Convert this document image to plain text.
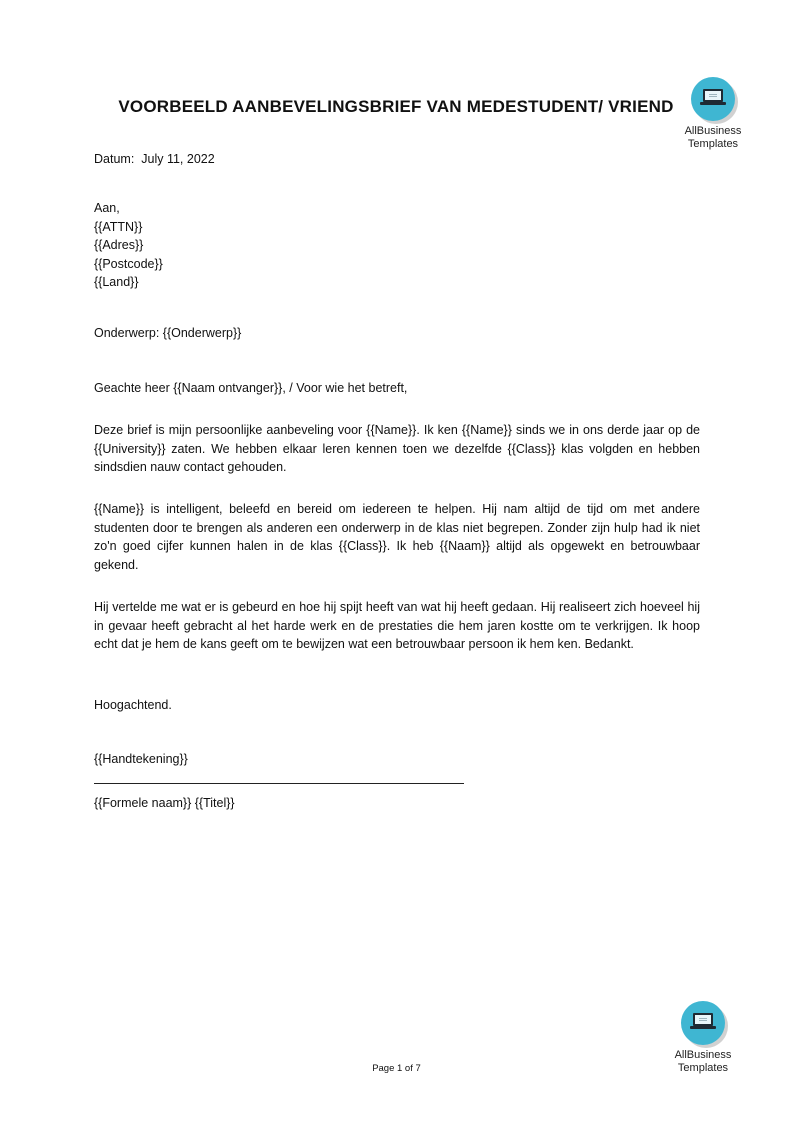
VOORBEELD AANBEVELINGSBRIEF VAN MEDESTUDENT/ VRIEND
AllBusiness
Templates
Datum: July 11, 2022
Aan,
{{ATTN}}
{{Adres}}
{{Postcode}}
{{Land}}
Onderwerp: {{Onderwerp}}
Geachte heer {{Naam ontvanger}}, / Voor wie het betreft,
Deze brief is mijn persoonlijke aanbeveling voor {{Name}}. Ik ken {{Name}} sinds we in ons derde jaar op de {{University}} zaten. We hebben elkaar leren kennen toen we dezelfde {{Class}} klas volgden en hebben sindsdien nauw contact gehouden.
{{Name}} is intelligent, beleefd en bereid om iedereen te helpen. Hij nam altijd de tijd om met andere studenten door te brengen als anderen een onderwerp in de klas niet begrepen. Zonder zijn hulp had ik niet zo'n goed cijfer kunnen halen in de klas {{Class}}. Ik heb {{Naam}} altijd als opgewekt en betrouwbaar gekend.
Hij vertelde me wat er is gebeurd en hoe hij spijt heeft van wat hij heeft gedaan. Hij realiseert zich hoeveel hij in gevaar heeft gebracht al het harde werk en de prestaties die hem jaren kostte om te verkrijgen. Ik hoop echt dat je hem de kans geeft om te bewijzen wat een betrouwbaar persoon ik hem ken. Bedankt.
Hoogachtend.
{{Handtekening}}
{{Formele naam}} {{Titel}}
AllBusiness
Templates
Page 1 of 7
